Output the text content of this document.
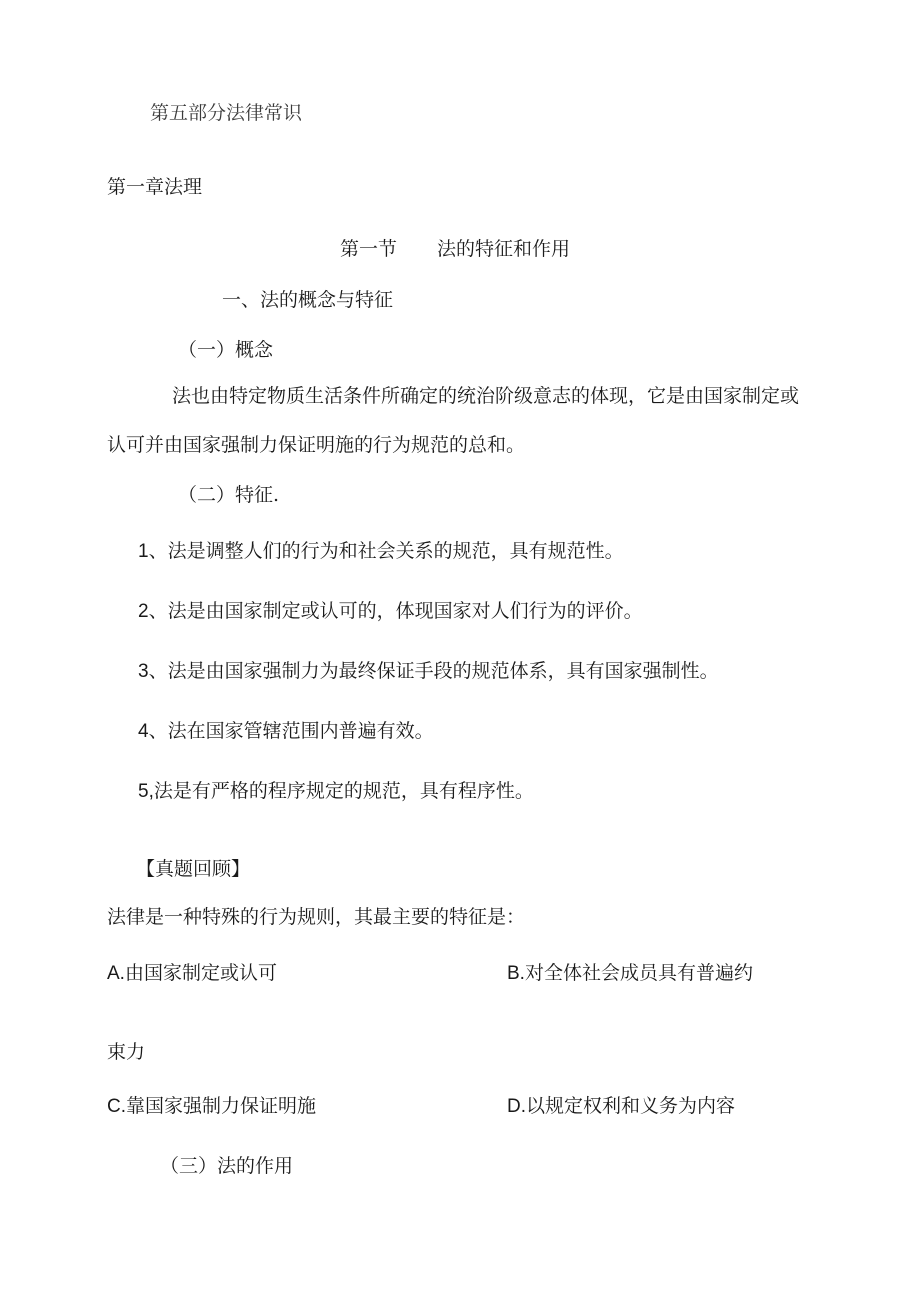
第五部分法律常识
第一章法理
第一节 法的特征和作用
一、法的概念与特征
（一）概念
法也由特定物质生活条件所确定的统治阶级意志的体现，它是由国家制定或
认可并由国家强制力保证明施的行为规范的总和。
（二）特征.
1、法是调整人们的行为和社会关系的规范，具有规范性。
2、法是由国家制定或认可的，体现国家对人们行为的评价。
3、法是由国家强制力为最终保证手段的规范体系，具有国家强制性。
4、法在国家管辖范围内普遍有效。
5,法是有严格的程序规定的规范，具有程序性。
【真题回顾】
法律是一种特殊的行为规则，其最主要的特征是：
A.由国家制定或认可	B.对全体社会成员具有普遍约
束力
C.靠国家强制力保证明施	D.以规定权利和义务为内容
（三）法的作用
